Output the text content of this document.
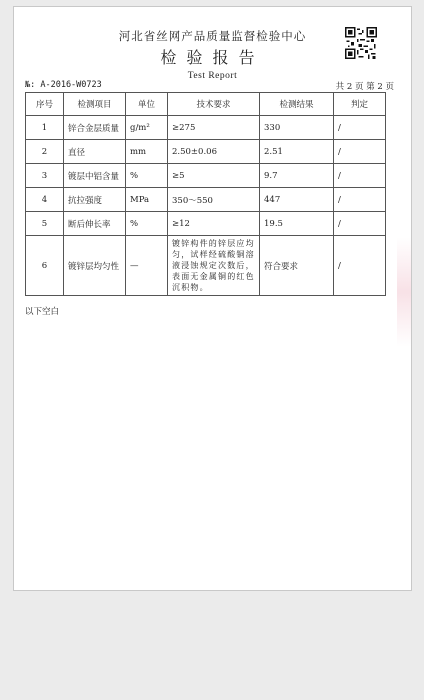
河北省丝网产品质量监督检验中心
检验报告
Test Report
№: A-2016-W0723	共 2 页 第 2 页
序号	检测项目	单位	技术要求	检测结果	判定
1	锌合金层质量	g/m²	≥275	330	/
2	直径	mm	2.50±0.06	2.51	/
3	镀层中铝含量	%	≥5	9.7	/
4	抗拉强度	MPa	350～550	447	/
5	断后伸长率	%	≥12	19.5	/
6	镀锌层均匀性	—	镀锌构件的锌层应均匀，试样经硫酸铜溶液浸蚀规定次数后，表面无金属铜的红色沉积物。	符合要求	/
以下空白
